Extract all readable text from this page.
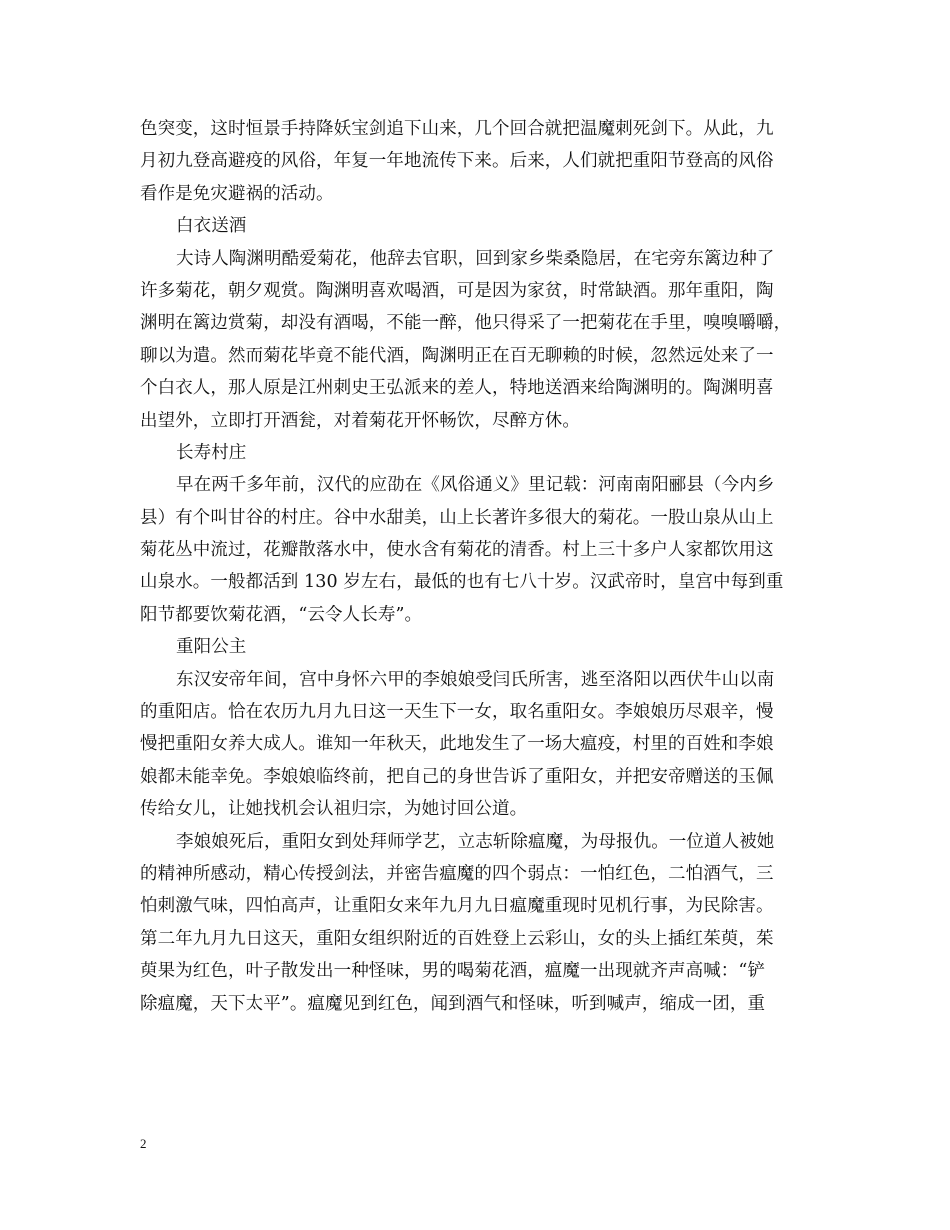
色突变，这时恒景手持降妖宝剑追下山来，几个回合就把温魔刺死剑下。从此，九
月初九登高避疫的风俗，年复一年地流传下来。后来，人们就把重阳节登高的风俗
看作是免灾避祸的活动。
白衣送酒
大诗人陶渊明酷爱菊花，他辞去官职，回到家乡柴桑隐居，在宅旁东篱边种了
许多菊花，朝夕观赏。陶渊明喜欢喝酒，可是因为家贫，时常缺酒。那年重阳，陶
渊明在篱边赏菊，却没有酒喝，不能一醉，他只得采了一把菊花在手里，嗅嗅嚼嚼，
聊以为遣。然而菊花毕竟不能代酒，陶渊明正在百无聊赖的时候，忽然远处来了一
个白衣人，那人原是江州刺史王弘派来的差人，特地送酒来给陶渊明的。陶渊明喜
出望外，立即打开酒瓮，对着菊花开怀畅饮，尽醉方休。
长寿村庄
早在两千多年前，汉代的应劭在《风俗通义》里记载：河南南阳郦县（今内乡
县）有个叫甘谷的村庄。谷中水甜美，山上长著许多很大的菊花。一股山泉从山上
菊花丛中流过，花瓣散落水中，使水含有菊花的清香。村上三十多户人家都饮用这
山泉水。一般都活到 130 岁左右，最低的也有七八十岁。汉武帝时，皇宫中每到重
阳节都要饮菊花酒，“云令人长寿”。
重阳公主
东汉安帝年间，宫中身怀六甲的李娘娘受闫氏所害，逃至洛阳以西伏牛山以南
的重阳店。恰在农历九月九日这一天生下一女，取名重阳女。李娘娘历尽艰辛，慢
慢把重阳女养大成人。谁知一年秋天，此地发生了一场大瘟疫，村里的百姓和李娘
娘都未能幸免。李娘娘临终前，把自己的身世告诉了重阳女，并把安帝赠送的玉佩
传给女儿，让她找机会认祖归宗，为她讨回公道。
李娘娘死后，重阳女到处拜师学艺，立志斩除瘟魔，为母报仇。一位道人被她
的精神所感动，精心传授剑法，并密告瘟魔的四个弱点：一怕红色，二怕酒气，三
怕刺激气味，四怕高声，让重阳女来年九月九日瘟魔重现时见机行事，为民除害。
第二年九月九日这天，重阳女组织附近的百姓登上云彩山，女的头上插红茱萸，茱
萸果为红色，叶子散发出一种怪味，男的喝菊花酒，瘟魔一出现就齐声高喊：“铲
除瘟魔，天下太平”。瘟魔见到红色，闻到酒气和怪味，听到喊声，缩成一团，重
2
